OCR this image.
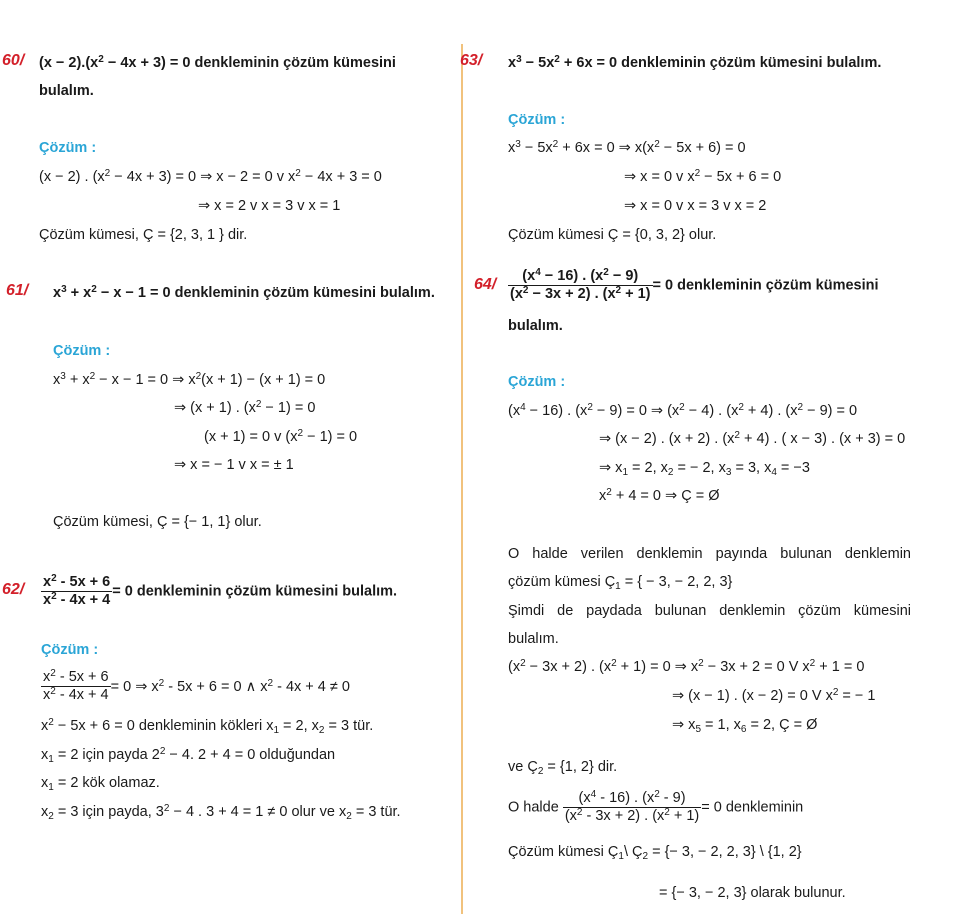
60/ $(x - 2).(x^2 - 4x + 3) = 0$ denkleminin çözüm kümesini
bulalım.
Çözüm :
(x − 2) . $(x^2 - 4x + 3) = 0$ ⇒ x − 2 = 0 v $x^2 - 4x + 3 = 0$
⇒ x = 2 v x = 3 v x = 1
Çözüm kümesi, Ç = {2, 3, 1 } dir.
61/ $x^3 + x^2 - x - 1 = 0$ denkleminin çözüm kümesini bulalım.
Çözüm :
$x^3 + x^2 - x - 1 = 0$ ⇒ $x^2(x + 1) - (x + 1) = 0$
⇒ (x + 1) . $(x^2 - 1) = 0$
(x + 1) = 0 v $(x^2 - 1) = 0$
⇒ x = − 1 v x = ± 1
Çözüm kümesi, Ç = {− 1, 1} olur.
$62/ \frac{x^2 - 5x + 6}{x^2 - 4x + 4} = 0$ denkleminin çözüm kümesini bulalım.
Çözüm :
$\frac{x^2 - 5x + 6}{x^2 - 4x + 4} = 0$ ⇒ $x^2 - 5x + 6 = 0$ ∧ $x^2 - 4x + 4 \ne 0$
$x^2 - 5x + 6 = 0$ denkleminin kökleri $x_1 = 2$, $x_2 = 3$ tür.
$x_1 = 2$ için payda $2^2 - 4$. 2 + 4 = 0 olduğundan
$x_1 = 2$ kök olamaz.
$x_2 = 3$ için payda, $3^2 - 4$ . 3 + 4 = 1 ≠ 0 olur ve $x_2 = 3$ tür.
63/ $x^3 - 5x^2 + 6x = 0$ denkleminin çözüm kümesini bulalım.
Çözüm :
$x^3 - 5x^2 + 6x = 0$ ⇒ $x(x^2 - 5x + 6) = 0$
⇒ x = 0 v $x^2 - 5x + 6 = 0$
⇒ x = 0 v x = 3 v x = 2
Çözüm kümesi Ç = {0, 3, 2} olur.
$64/ \frac{(x^4 - 16) . (x^2 - 9)}{(x^2 - 3x + 2) . (x^2 + 1)} = 0$ denkleminin çözüm kümesini
bulalım.
Çözüm :
$(x^4 - 16)$ . $(x^2 - 9) = 0$ ⇒ $(x^2 - 4)$ . $(x^2 + 4)$ . $(x^2 - 9) = 0$
⇒ (x − 2) . (x + 2) . $(x^2 + 4)$ . ( x − 3) . (x + 3) = 0
⇒ $x_1 = 2$, $x_2$ = − 2, $x_3 = 3$, $x_4 = -3$
$x^2 + 4 = 0$ ⇒ Ç = Ø
O halde verilen denklemin payında bulunan denklemin
çözüm kümesi $Ç_1$ = { − 3, − 2, 2, 3}
Şimdi de paydada bulunan denklemin çözüm kümesini
bulalım.
$(x^2 - 3x + 2)$ . $(x^2 + 1) = 0$ ⇒ $x^2 - 3x + 2 = 0$ V $x^2 + 1 = 0$
⇒ (x − 1) . (x − 2) = 0 V $x^2$ = − 1
⇒ $x_5 = 1$, $x_6 = 2$, Ç = Ø
ve $Ç_2 = \{1$, 2} dir.
O halde $\frac{(x^4 - 16) . (x^2 - 9)}{(x^2 - 3x + 2) . (x^2 + 1)} = 0$ denkleminin
Çözüm kümesi $Ç_1\backslash$ $Ç_2$ = {− 3, − 2, 2, 3} \ {1, 2}
= {− 3, − 2, 3} olarak bulunur.
